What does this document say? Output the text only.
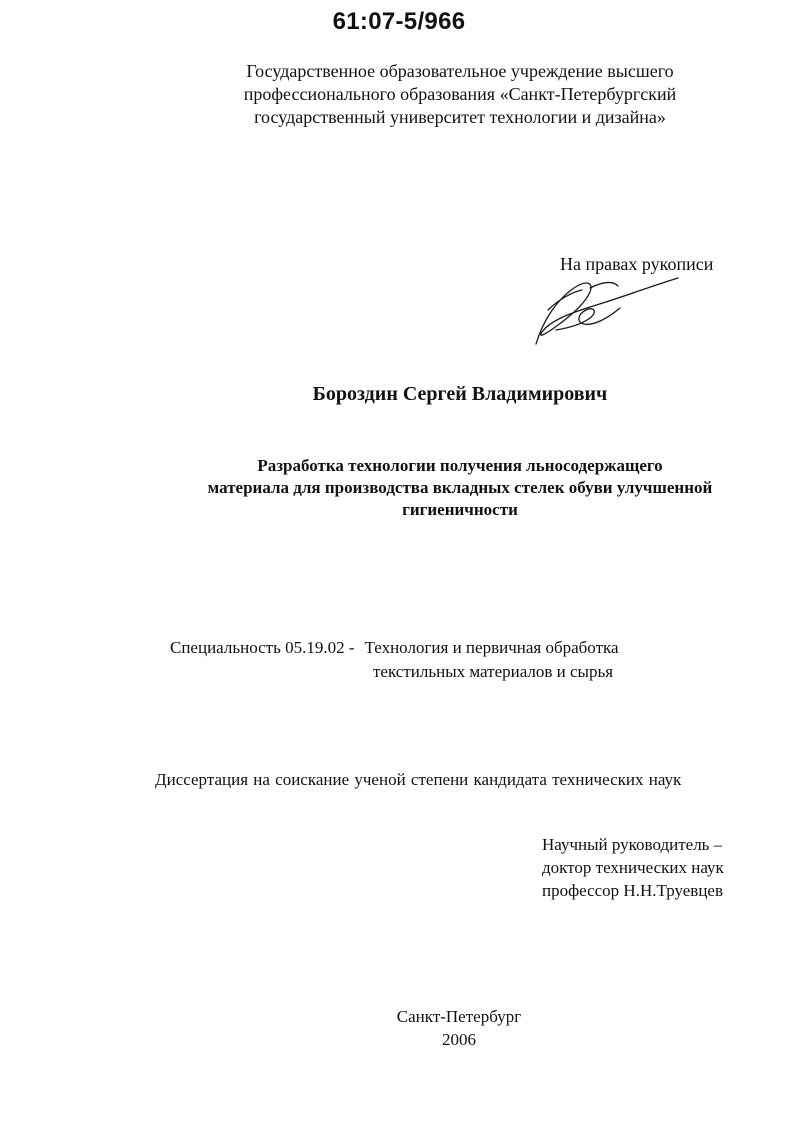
61:07-5/966
Государственное образовательное учреждение высшего
профессионального образования «Санкт-Петербургский
государственный университет технологии и дизайна»
На правах рукописи
Бороздин Сергей Владимирович
Разработка технологии получения льносодержащего
материала для производства вкладных стелек обуви улучшенной
гигиеничности
Специальность 05.19.02 - Технология и первичная обработка
текстильных материалов и сырья
Диссертация на соискание ученой степени кандидата технических наук
Научный руководитель –
доктор технических наук
профессор Н.Н.Труевцев
Санкт-Петербург
2006
